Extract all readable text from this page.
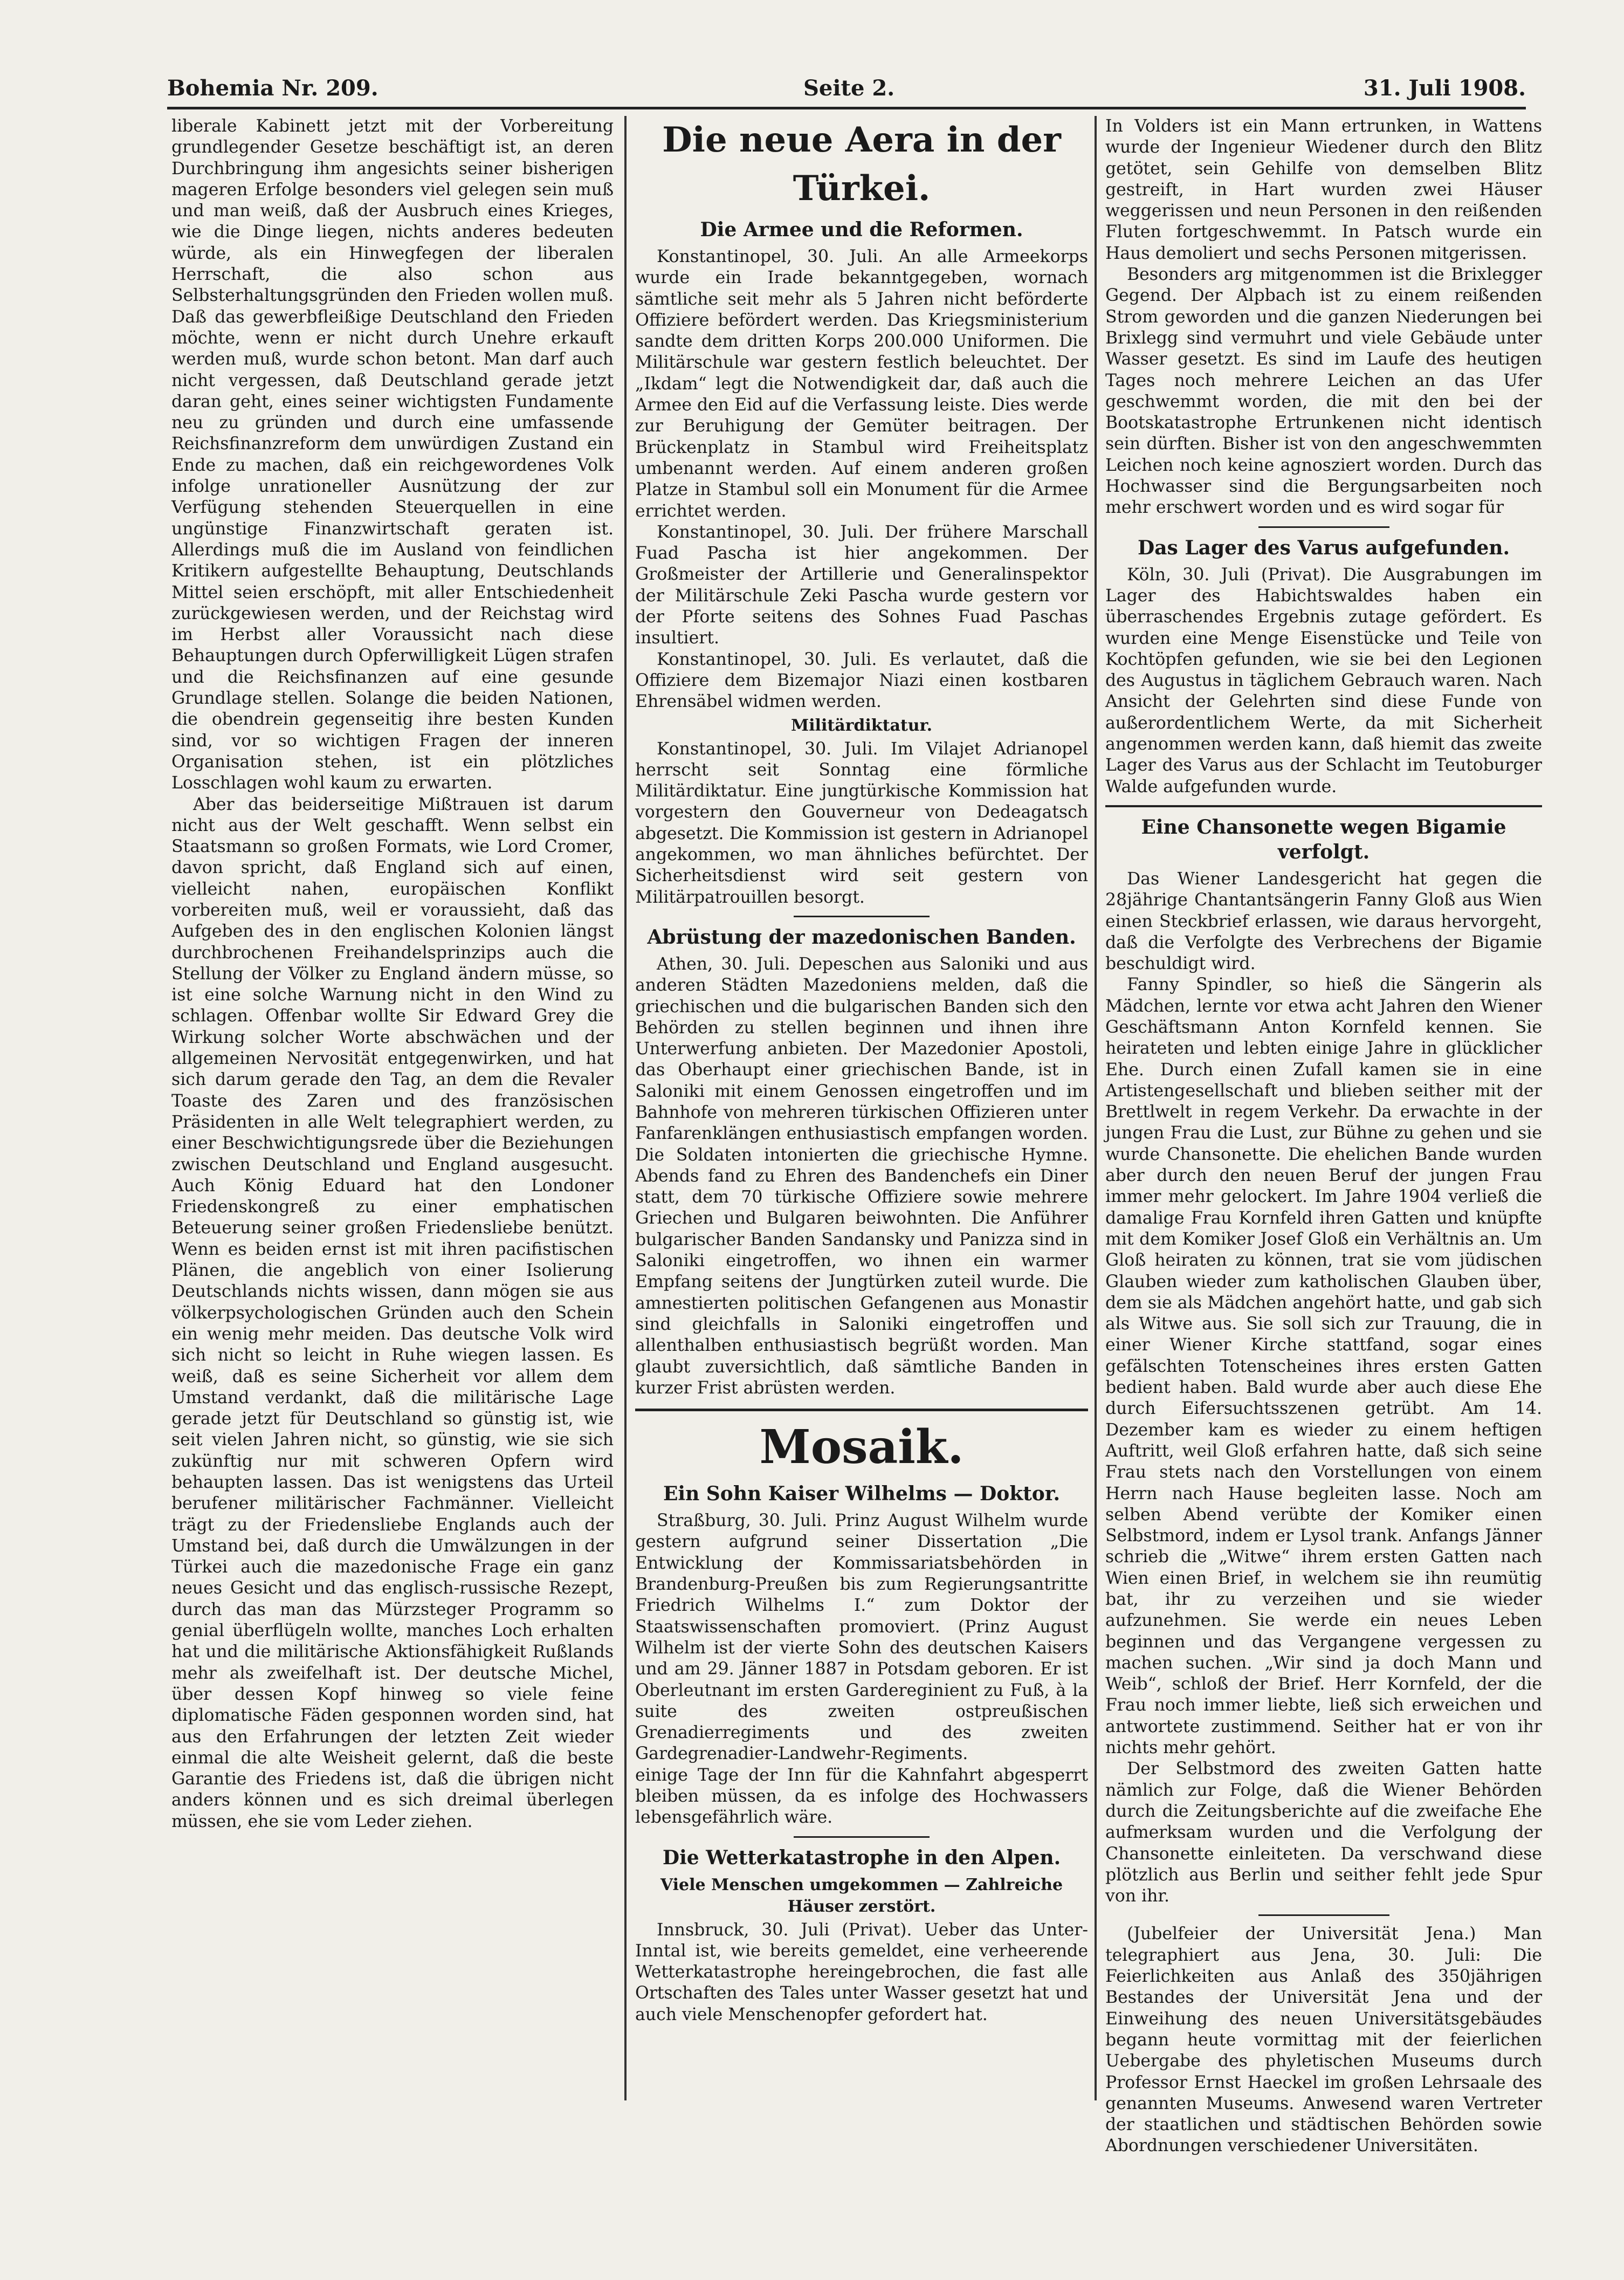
Bohemia Nr. 209.	Seite 2.	31. Juli 1908.

liberale Kabinett jetzt mit der Vorbereitung grundlegender Gesetze beschäftigt ist, an deren Durchbringung ihm angesichts seiner bisherigen mageren Erfolge besonders viel gelegen sein muß und man weiß, daß der Ausbruch eines Krieges, wie die Dinge liegen, nichts anderes bedeuten würde, als ein Hinwegfegen der liberalen Herrschaft, die also schon aus Selbsterhaltungsgründen den Frieden wollen muß. Daß das gewerbfleißige Deutschland den Frieden möchte, wenn er nicht durch Unehre erkauft werden muß, wurde schon betont. Man darf auch nicht vergessen, daß Deutschland gerade jetzt daran geht, eines seiner wichtigsten Fundamente neu zu gründen und durch eine umfassende Reichsfinanzreform dem unwürdigen Zustand ein Ende zu machen, daß ein reichgewordenes Volk infolge unrationeller Ausnützung der zur Verfügung stehenden Steuerquellen in eine ungünstige Finanzwirtschaft geraten ist. Allerdings muß die im Ausland von feindlichen Kritikern aufgestellte Behauptung, Deutschlands Mittel seien erschöpft, mit aller Entschiedenheit zurückgewiesen werden, und der Reichstag wird im Herbst aller Voraussicht nach diese Behauptungen durch Opferwilligkeit Lügen strafen und die Reichsfinanzen auf eine gesunde Grundlage stellen. Solange die beiden Nationen, die obendrein gegenseitig ihre besten Kunden sind, vor so wichtigen Fragen der inneren Organisation stehen, ist ein plötzliches Losschlagen wohl kaum zu erwarten.

Aber das beiderseitige Mißtrauen ist darum nicht aus der Welt geschafft. Wenn selbst ein Staatsmann so großen Formats, wie Lord Cromer, davon spricht, daß England sich auf einen, vielleicht nahen, europäischen Konflikt vorbereiten muß, weil er voraussieht, daß das Aufgeben des in den englischen Kolonien längst durchbrochenen Freihandelsprinzips auch die Stellung der Völker zu England ändern müsse, so ist eine solche Warnung nicht in den Wind zu schlagen. Offenbar wollte Sir Edward Grey die Wirkung solcher Worte abschwächen und der allgemeinen Nervosität entgegenwirken, und hat sich darum gerade den Tag, an dem die Revaler Toaste des Zaren und des französischen Präsidenten in alle Welt telegraphiert werden, zu einer Beschwichtigungsrede über die Beziehungen zwischen Deutschland und England ausgesucht. Auch König Eduard hat den Londoner Friedenskongreß zu einer emphatischen Beteuerung seiner großen Friedensliebe benützt. Wenn es beiden ernst ist mit ihren pacifistischen Plänen, die angeblich von einer Isolierung Deutschlands nichts wissen, dann mögen sie aus völkerpsychologischen Gründen auch den Schein ein wenig mehr meiden. Das deutsche Volk wird sich nicht so leicht in Ruhe wiegen lassen. Es weiß, daß es seine Sicherheit vor allem dem Umstand verdankt, daß die militärische Lage gerade jetzt für Deutschland so günstig ist, wie seit vielen Jahren nicht, so günstig, wie sie sich zukünftig nur mit schweren Opfern wird behaupten lassen. Das ist wenigstens das Urteil berufener militärischer Fachmänner. Vielleicht trägt zu der Friedensliebe Englands auch der Umstand bei, daß durch die Umwälzungen in der Türkei auch die mazedonische Frage ein ganz neues Gesicht und das englisch-russische Rezept, durch das man das Mürzsteger Programm so genial überflügeln wollte, manches Loch erhalten hat und die militärische Aktionsfähigkeit Rußlands mehr als zweifelhaft ist. Der deutsche Michel, über dessen Kopf hinweg so viele feine diplomatische Fäden gesponnen worden sind, hat aus den Erfahrungen der letzten Zeit wieder einmal die alte Weisheit gelernt, daß die beste Garantie des Friedens ist, daß die übrigen nicht anders können und es sich dreimal überlegen müssen, ehe sie vom Leder ziehen.

Die neue Aera in der Türkei.
Die Armee und die Reformen.

Konstantinopel, 30. Juli. An alle Armeekorps wurde ein Irade bekanntgegeben, wornach sämtliche seit mehr als 5 Jahren nicht beförderte Offiziere befördert werden. Das Kriegsministerium sandte dem dritten Korps 200.000 Uniformen. Die Militärschule war gestern festlich beleuchtet. Der „Ikdam“ legt die Notwendigkeit dar, daß auch die Armee den Eid auf die Verfassung leiste. Dies werde zur Beruhigung der Gemüter beitragen. Der Brückenplatz in Stambul wird Freiheitsplatz umbenannt werden. Auf einem anderen großen Platze in Stambul soll ein Monument für die Armee errichtet werden.

Konstantinopel, 30. Juli. Der frühere Marschall Fuad Pascha ist hier angekommen. Der Großmeister der Artillerie und Generalinspektor der Militärschule Zeki Pascha wurde gestern vor der Pforte seitens des Sohnes Fuad Paschas insultiert.

Konstantinopel, 30. Juli. Es verlautet, daß die Offiziere dem Bizemajor Niazi einen kostbaren Ehrensäbel widmen werden.

Militärdiktatur.

Konstantinopel, 30. Juli. Im Vilajet Adrianopel herrscht seit Sonntag eine förmliche Militärdiktatur. Eine jungtürkische Kommission hat vorgestern den Gouverneur von Dedeagatsch abgesetzt. Die Kommission ist gestern in Adrianopel angekommen, wo man ähnliches befürchtet. Der Sicherheitsdienst wird seit gestern von Militärpatrouillen besorgt.

Abrüstung der mazedonischen Banden.

Athen, 30. Juli. Depeschen aus Saloniki und aus anderen Städten Mazedoniens melden, daß die griechischen und die bulgarischen Banden sich den Behörden zu stellen beginnen und ihnen ihre Unterwerfung anbieten. Der Mazedonier Apostoli, das Oberhaupt einer griechischen Bande, ist in Saloniki mit einem Genossen eingetroffen und im Bahnhofe von mehreren türkischen Offizieren unter Fanfarenklängen enthusiastisch empfangen worden. Die Soldaten intonierten die griechische Hymne. Abends fand zu Ehren des Bandenchefs ein Diner statt, dem 70 türkische Offiziere sowie mehrere Griechen und Bulgaren beiwohnten. Die Anführer bulgarischer Banden Sandansky und Panizza sind in Saloniki eingetroffen, wo ihnen ein warmer Empfang seitens der Jungtürken zuteil wurde. Die amnestierten politischen Gefangenen aus Monastir sind gleichfalls in Saloniki eingetroffen und allenthalben enthusiastisch begrüßt worden. Man glaubt zuversichtlich, daß sämtliche Banden in kurzer Frist abrüsten werden.

Mosaik.
Ein Sohn Kaiser Wilhelms — Doktor.

Straßburg, 30. Juli. Prinz August Wilhelm wurde gestern aufgrund seiner Dissertation „Die Entwicklung der Kommissariatsbehörden in Brandenburg-Preußen bis zum Regierungsantritte Friedrich Wilhelms I.“ zum Doktor der Staatswissenschaften promoviert. (Prinz August Wilhelm ist der vierte Sohn des deutschen Kaisers und am 29. Jänner 1887 in Potsdam geboren. Er ist Oberleutnant im ersten Gardereginient zu Fuß, à la suite des zweiten ostpreußischen Grenadierregiments und des zweiten Gardegrenadier-Landwehr-Regiments.

einige Tage der Inn für die Kahnfahrt abgesperrt bleiben müssen, da es infolge des Hochwassers lebensgefährlich wäre.

Die Wetterkatastrophe in den Alpen.
Viele Menschen umgekommen — Zahlreiche Häuser zerstört.

Innsbruck, 30. Juli (Privat). Ueber das Unter-Inntal ist, wie bereits gemeldet, eine verheerende Wetterkatastrophe hereingebrochen, die fast alle Ortschaften des Tales unter Wasser gesetzt hat und auch viele Menschenopfer gefordert hat.

In Volders ist ein Mann ertrunken, in Wattens wurde der Ingenieur Wiedener durch den Blitz getötet, sein Gehilfe von demselben Blitz gestreift, in Hart wurden zwei Häuser weggerissen und neun Personen in den reißenden Fluten fortgeschwemmt. In Patsch wurde ein Haus demoliert und sechs Personen mitgerissen.

Besonders arg mitgenommen ist die Brixlegger Gegend. Der Alpbach ist zu einem reißenden Strom geworden und die ganzen Niederungen bei Brixlegg sind vermuhrt und viele Gebäude unter Wasser gesetzt. Es sind im Laufe des heutigen Tages noch mehrere Leichen an das Ufer geschwemmt worden, die mit den bei der Bootskatastrophe Ertrunkenen nicht identisch sein dürften. Bisher ist von den angeschwemmten Leichen noch keine agnosziert worden. Durch das Hochwasser sind die Bergungsarbeiten noch mehr erschwert worden und es wird sogar für

Das Lager des Varus aufgefunden.

Köln, 30. Juli (Privat). Die Ausgrabungen im Lager des Habichtswaldes haben ein überraschendes Ergebnis zutage gefördert. Es wurden eine Menge Eisenstücke und Teile von Kochtöpfen gefunden, wie sie bei den Legionen des Augustus in täglichem Gebrauch waren. Nach Ansicht der Gelehrten sind diese Funde von außerordentlichem Werte, da mit Sicherheit angenommen werden kann, daß hiemit das zweite Lager des Varus aus der Schlacht im Teutoburger Walde aufgefunden wurde.

Eine Chansonette wegen Bigamie verfolgt.

Das Wiener Landesgericht hat gegen die 28jährige Chantantsängerin Fanny Gloß aus Wien einen Steckbrief erlassen, wie daraus hervorgeht, daß die Verfolgte des Verbrechens der Bigamie beschuldigt wird.

Fanny Spindler, so hieß die Sängerin als Mädchen, lernte vor etwa acht Jahren den Wiener Geschäftsmann Anton Kornfeld kennen. Sie heirateten und lebten einige Jahre in glücklicher Ehe. Durch einen Zufall kamen sie in eine Artistengesellschaft und blieben seither mit der Brettlwelt in regem Verkehr. Da erwachte in der jungen Frau die Lust, zur Bühne zu gehen und sie wurde Chansonette. Die ehelichen Bande wurden aber durch den neuen Beruf der jungen Frau immer mehr gelockert. Im Jahre 1904 verließ die damalige Frau Kornfeld ihren Gatten und knüpfte mit dem Komiker Josef Gloß ein Verhältnis an. Um Gloß heiraten zu können, trat sie vom jüdischen Glauben wieder zum katholischen Glauben über, dem sie als Mädchen angehört hatte, und gab sich als Witwe aus. Sie soll sich zur Trauung, die in einer Wiener Kirche stattfand, sogar eines gefälschten Totenscheines ihres ersten Gatten bedient haben. Bald wurde aber auch diese Ehe durch Eifersuchtsszenen getrübt. Am 14. Dezember kam es wieder zu einem heftigen Auftritt, weil Gloß erfahren hatte, daß sich seine Frau stets nach den Vorstellungen von einem Herrn nach Hause begleiten lasse. Noch am selben Abend verübte der Komiker einen Selbstmord, indem er Lysol trank. Anfangs Jänner schrieb die „Witwe“ ihrem ersten Gatten nach Wien einen Brief, in welchem sie ihn reumütig bat, ihr zu verzeihen und sie wieder aufzunehmen. Sie werde ein neues Leben beginnen und das Vergangene vergessen zu machen suchen. „Wir sind ja doch Mann und Weib“, schloß der Brief. Herr Kornfeld, der die Frau noch immer liebte, ließ sich erweichen und antwortete zustimmend. Seither hat er von ihr nichts mehr gehört.

Der Selbstmord des zweiten Gatten hatte nämlich zur Folge, daß die Wiener Behörden durch die Zeitungsberichte auf die zweifache Ehe aufmerksam wurden und die Verfolgung der Chansonette einleiteten. Da verschwand diese plötzlich aus Berlin und seither fehlt jede Spur von ihr.

(Jubelfeier der Universität Jena.) Man telegraphiert aus Jena, 30. Juli: Die Feierlichkeiten aus Anlaß des 350jährigen Bestandes der Universität Jena und der Einweihung des neuen Universitätsgebäudes begann heute vormittag mit der feierlichen Uebergabe des phyletischen Museums durch Professor Ernst Haeckel im großen Lehrsaale des genannten Museums. Anwesend waren Vertreter der staatlichen und städtischen Behörden sowie Abordnungen verschiedener Universitäten.
